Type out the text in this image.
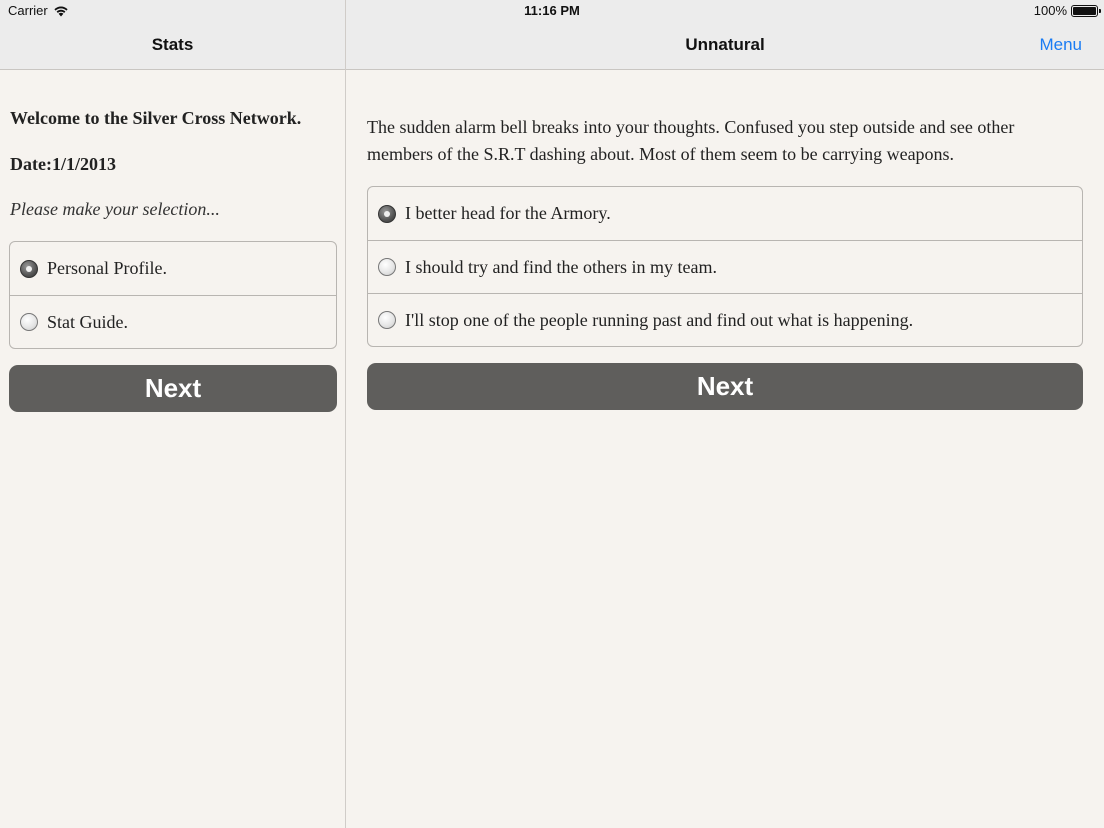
Carrier	11:16 PM	100%
Stats	Unnatural	Menu
Welcome to the Silver Cross Network.
Date:1/1/2013
Please make your selection...
Personal Profile.
Stat Guide.
Next
The sudden alarm bell breaks into your thoughts. Confused you step outside and see other members of the S.R.T dashing about. Most of them seem to be carrying weapons.
I better head for the Armory.
I should try and find the others in my team.
I'll stop one of the people running past and find out what is happening.
Next
